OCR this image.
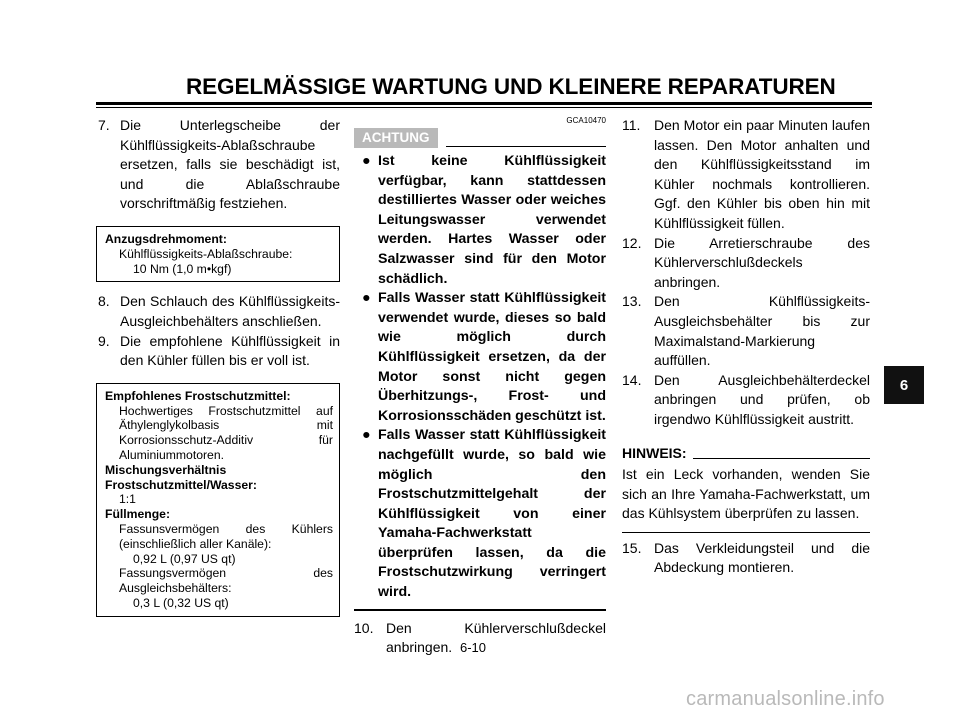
REGELMÄSSIGE WARTUNG UND KLEINERE REPARATUREN
7. Die Unterlegscheibe der Kühlflüssigkeits-Ablaßschraube ersetzen, falls sie beschädigt ist, und die Ablaßschraube vorschriftmäßig festziehen.
Anzugsdrehmoment:
Kühlflüssigkeits-Ablaßschraube:
10 Nm (1,0 m•kgf)
8. Den Schlauch des Kühlflüssigkeits-Ausgleichbehälters anschließen.
9. Die empfohlene Kühlflüssigkeit in den Kühler füllen bis er voll ist.
Empfohlenes Frostschutzmittel:
Hochwertiges Frostschutzmittel auf Äthylenglykolbasis mit Korrosionsschutz-Additiv für Aluminiummotoren.
Mischungsverhältnis Frostschutzmittel/Wasser:
1:1
Füllmenge:
Fassunsvermögen des Kühlers (einschließlich aller Kanäle):
0,92 L (0,97 US qt)
Fassungsvermögen des Ausgleichsbehälters:
0,3 L (0,32 US qt)
GCA10470
ACHTUNG
● Ist keine Kühlflüssigkeit verfügbar, kann stattdessen destilliertes Wasser oder weiches Leitungswasser verwendet werden. Hartes Wasser oder Salzwasser sind für den Motor schädlich.
● Falls Wasser statt Kühlflüssigkeit verwendet wurde, dieses so bald wie möglich durch Kühlflüssigkeit ersetzen, da der Motor sonst nicht gegen Überhitzungs-, Frost- und Korrosionsschäden geschützt ist.
● Falls Wasser statt Kühlflüssigkeit nachgefüllt wurde, so bald wie möglich den Frostschutzmittelgehalt der Kühlflüssigkeit von einer Yamaha-Fachwerkstatt überprüfen lassen, da die Frostschutzwirkung verringert wird.
10. Den Kühlerverschlußdeckel anbringen.
11. Den Motor ein paar Minuten laufen lassen. Den Motor anhalten und den Kühlflüssigkeitsstand im Kühler nochmals kontrollieren. Ggf. den Kühler bis oben hin mit Kühlflüssigkeit füllen.
12. Die Arretierschraube des Kühlerverschlußdeckels anbringen.
13. Den Kühlflüssigkeits-Ausgleichsbehälter bis zur Maximalstand-Markierung auffüllen.
14. Den Ausgleichbehälterdeckel anbringen und prüfen, ob irgendwo Kühlflüssigkeit austritt.
HINWEIS:
Ist ein Leck vorhanden, wenden Sie sich an Ihre Yamaha-Fachwerkstatt, um das Kühlsystem überprüfen zu lassen.
15. Das Verkleidungsteil und die Abdeckung montieren.
6
6-10
carmanualsonline.info
